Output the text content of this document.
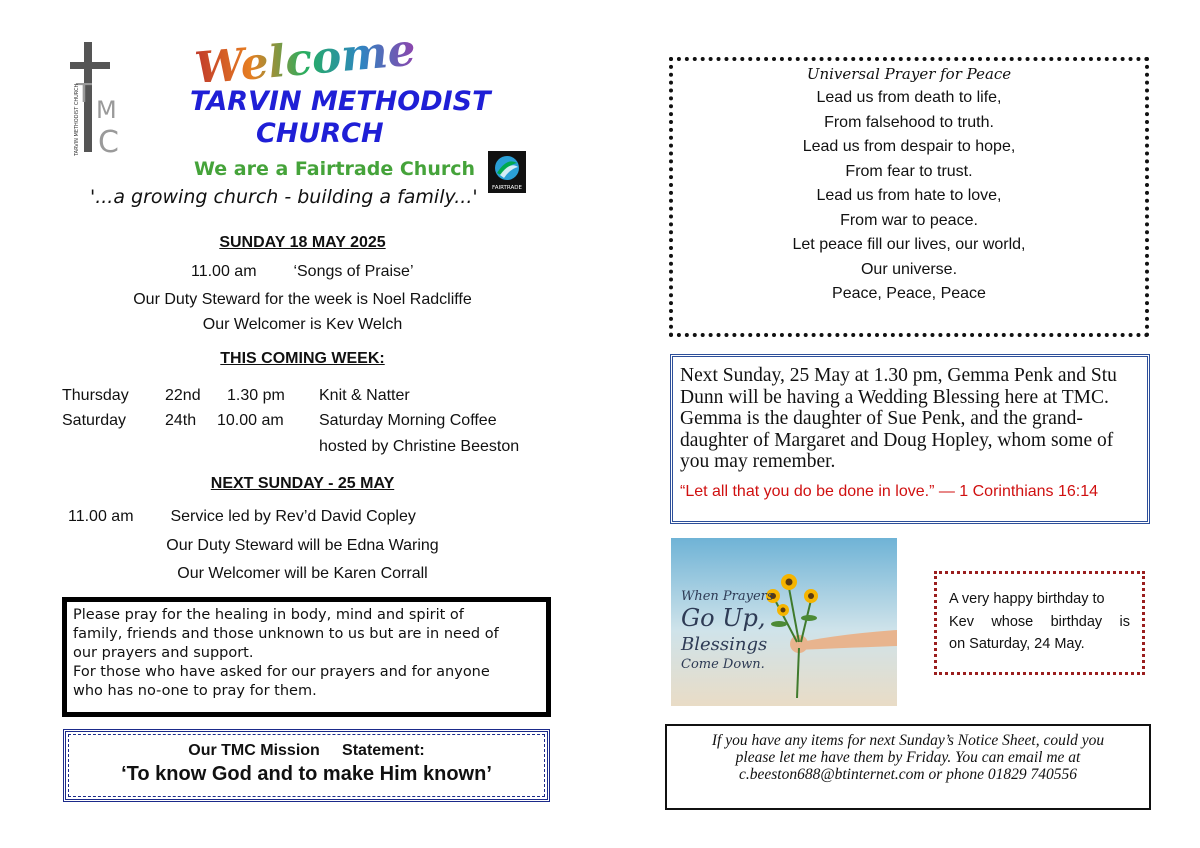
T
M
C
TARVIN METHODIST CHURCH
Welcome
TARVIN METHODIST
CHURCH
We are a Fairtrade Church
FAIRTRADE
'...a growing church - building a family...'
SUNDAY 18 MAY 2025
11.00 am ‘Songs of Praise’
Our Duty Steward for the week is Noel Radcliffe
Our Welcomer is Kev Welch
THIS COMING WEEK:
Thursday 22nd 1.30 pm Knit & Natter
Saturday 24th 10.00 am Saturday Morning Coffee
hosted by Christine Beeston
NEXT SUNDAY - 25 MAY
11.00 am Service led by Rev’d David Copley
Our Duty Steward will be Edna Waring
Our Welcomer will be Karen Corrall

Please pray for the healing in body, mind and spirit of

family, friends and those unknown to us but are in need of

our prayers and support.

For those who have asked for our prayers and for anyone

who has no-one to pray for them.

Our TMC Mission     Statement:
‘To know God and to make Him known’
Universal Prayer for Peace
Lead us from death to life,
From falsehood to truth.
Lead us from despair to hope,
From fear to trust.
Lead us from hate to love,
From war to peace.
Let peace fill our lives, our world,
Our universe.
Peace, Peace, Peace
Next Sunday, 25 May at 1.30 pm, Gemma Penk and Stu
Dunn will be having a Wedding Blessing here at TMC.
Gemma is the daughter of Sue Penk, and the grand-
daughter of Margaret and Doug Hopley, whom some of
you may remember.
“Let all that you do be done in love.” — 1 Corinthians 16:14
When Prayers
Go Up,
Blessings
Come Down.
A very happy birthday to
Kev whose birthday is
on Saturday, 24 May.
If you have any items for next Sunday’s Notice Sheet, could you
please let me have them by Friday. You can email me at
c.beeston688@btinternet.com or phone 01829 740556
